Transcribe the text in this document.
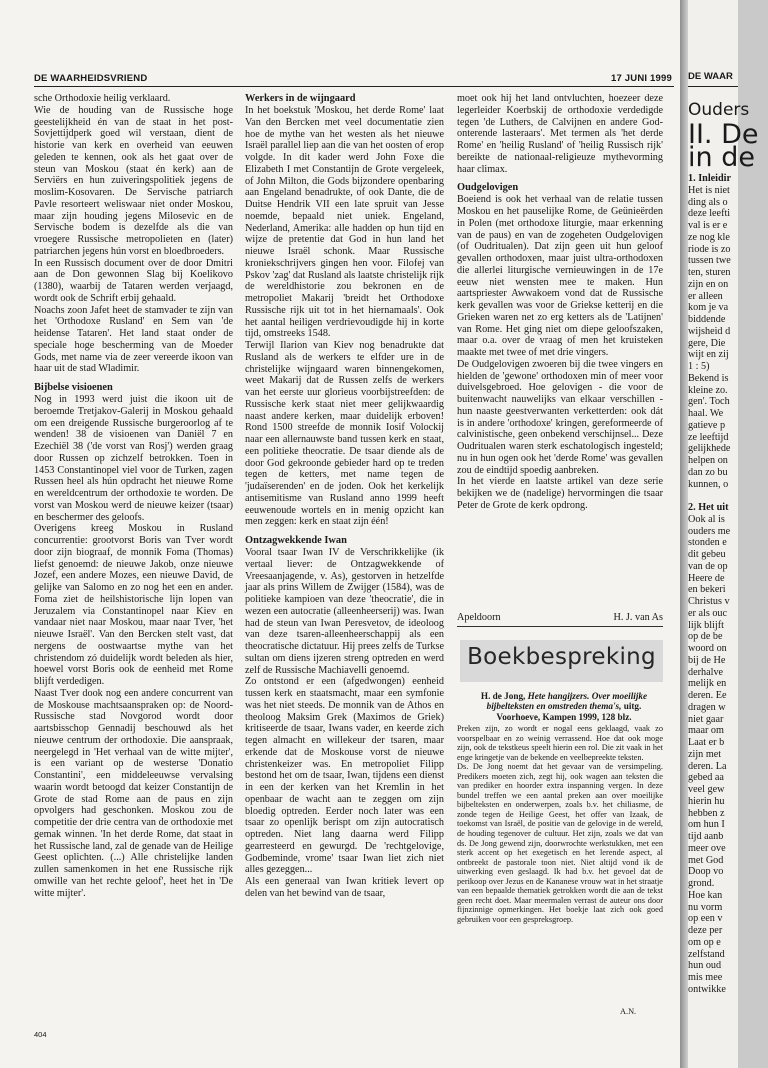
DE WAARHEIDSVRIEND	17 JUNI 1999

sche Orthodoxie heilig verklaard.

Wie de houding van de Russische hoge geestelijkheid én van de staat in het post-Sovjettijdperk goed wil verstaan, dient de historie van kerk en overheid van eeuwen geleden te kennen, ook als het gaat over de steun van Moskou (staat én kerk) aan de Serviërs en hun zuiveringspolitiek jegens de moslim-Kosovaren. De Servische patriarch Pavle resorteert weliswaar niet onder Moskou, maar zijn houding jegens Milosevic en de Servische bodem is dezelfde als die van vroegere Russische metropolieten en (later) patriarchen jegens hún vorst en bloedbroeders.

In een Russisch document over de door Dmitri aan de Don gewonnen Slag bij Koelikovo (1380), waarbij de Tataren werden verjaagd, wordt ook de Schrift erbij gehaald.

Noachs zoon Jafet heet de stamvader te zijn van het 'Orthodoxe Rusland' en Sem van 'de heidense Tataren'. Het land staat onder de speciale hoge bescherming van de Moeder Gods, met name via de zeer vereerde ikoon van haar uit de stad Wladimir.

Bijbelse visioenen

Nog in 1993 werd juist die ikoon uit de beroemde Tretjakov-Galerij in Moskou gehaald om een dreigende Russische burgeroorlog af te wenden! 38 de visioenen van Daniël 7 en Ezechiël 38 ('de vorst van Rosj') werden graag door Russen op zichzelf betrokken. Toen in 1453 Constantinopel viel voor de Turken, zagen Russen heel als hún opdracht het nieuwe Rome en wereldcentrum der orthodoxie te worden. De vorst van Moskou werd de nieuwe keizer (tsaar) en beschermer des geloofs.

Overigens kreeg Moskou in Rusland concurrentie: grootvorst Boris van Tver wordt door zijn biograaf, de monnik Foma (Thomas) liefst genoemd: de nieuwe Jakob, onze nieuwe Jozef, een andere Mozes, een nieuwe David, de gelijke van Salomo en zo nog het een en ander. Foma ziet de heilshistorische lijn lopen van Jeruzalem via Constantinopel naar Kiev en vandaar niet naar Moskou, maar naar Tver, 'het nieuwe Israël'. Van den Bercken stelt vast, dat nergens de oostwaartse mythe van het christendom zó duidelijk wordt beleden als hier, hoewel vorst Boris ook de eenheid met Rome blijft verdedigen.

Naast Tver dook nog een andere concurrent van de Moskouse machtsaanspraken op: de Noord-Russische stad Novgorod wordt door aartsbisschop Gennadij beschouwd als het nieuwe centrum der orthodoxie. Die aanspraak, neergelegd in 'Het verhaal van de witte mijter', is een variant op de westerse 'Donatio Constantini', een middeleeuwse vervalsing waarin wordt betoogd dat keizer Constantijn de Grote de stad Rome aan de paus en zijn opvolgers had geschonken. Moskou zou de competitie der drie centra van de orthodoxie met gemak winnen. 'In het derde Rome, dat staat in het Russische land, zal de genade van de Heilige Geest oplichten. (...) Alle christelijke landen zullen samenkomen in het ene Russische rijk omwille van het rechte geloof', heet het in 'De witte mijter'.

Werkers in de wijngaard

In het boekstuk 'Moskou, het derde Rome' laat Van den Bercken met veel documentatie zien hoe de mythe van het westen als het nieuwe Israël parallel liep aan die van het oosten of erop volgde. In dit kader werd John Foxe die Elizabeth I met Constantijn de Grote vergeleek, of John Milton, die Gods bijzondere openbaring aan Engeland benadrukte, of ook Dante, die de Duitse Hendrik VII een late spruit van Jesse noemde, bepaald niet uniek. Engeland, Nederland, Amerika: alle hadden op hun tijd en wijze de pretentie dat God in hun land het nieuwe Israël schonk. Maar Russische kroniekschrijvers gingen hen voor. Filofej van Pskov 'zag' dat Rusland als laatste christelijk rijk de wereldhistorie zou bekronen en de metropoliet Makarij 'breidt het Orthodoxe Russische rijk uit tot in het hiernamaals'. Ook het aantal heiligen verdrievoudigde hij in korte tijd, omstreeks 1548.

Terwijl Ilarion van Kiev nog benadrukte dat Rusland als de werkers te elfder ure in de christelijke wijngaard waren binnengekomen, weet Makarij dat de Russen zelfs de werkers van het eerste uur glorieus voorbijstreefden: de Russische kerk staat niet meer gelijkwaardig naast andere kerken, maar duidelijk erboven! Rond 1500 streefde de monnik Iosif Volockij naar een allernauwste band tussen kerk en staat, een politieke theocratie. De tsaar diende als de door God gekroonde gebieder hard op te treden tegen de ketters, met name tegen de 'judaïserenden' en de joden. Ook het kerkelijk antisemitisme van Rusland anno 1999 heeft eeuwenoude wortels en in menig opzicht kan men zeggen: kerk en staat zijn één!

Ontzagwekkende Iwan

Vooral tsaar Iwan IV de Verschrikkelijke (ik vertaal liever: de Ontzagwekkende of Vreesaanjagende, v. As), gestorven in hetzelfde jaar als prins Willem de Zwijger (1584), was de politieke kampioen van deze 'theocratie', die in wezen een autocratie (alleenheerserij) was. Iwan had de steun van Iwan Peresvetov, de ideoloog van deze tsaren-alleenheerschappij als een theocratische dictatuur. Hij prees zelfs de Turkse sultan om diens ijzeren streng optreden en werd zelf de Russische Machiavelli genoemd.

Zo ontstond er een (afgedwongen) eenheid tussen kerk en staatsmacht, maar een symfonie was het niet steeds. De monnik van de Athos en theoloog Maksim Grek (Maximos de Griek) kritiseerde de tsaar, Iwans vader, en keerde zich tegen almacht en willekeur der tsaren, maar erkende dat de Moskouse vorst de nieuwe christenkeizer was. En metropoliet Filipp bestond het om de tsaar, Iwan, tijdens een dienst in een der kerken van het Kremlin in het openbaar de wacht aan te zeggen om zijn bloedig optreden. Eerder noch later was een tsaar zo openlijk berispt om zijn autocratisch optreden. Niet lang daarna werd Filipp gearresteerd en gewurgd. De 'rechtgelovige, Godbeminde, vrome' tsaar Iwan liet zich niet alles gezeggen...

Als een generaal van Iwan kritiek levert op delen van het bewind van de tsaar,

moet ook hij het land ontvluchten, hoezeer deze legerleider Koerbskij de orthodoxie verdedigde tegen 'de Luthers, de Calvijnen en andere God-onterende lasteraars'. Met termen als 'het derde Rome' en 'heilig Rusland' of 'heilig Russisch rijk' bereikte de nationaal-religieuze mythevorming haar climax.

Oudgelovigen

Boeiend is ook het verhaal van de relatie tussen Moskou en het pauselijke Rome, de Geünieërden in Polen (met orthodoxe liturgie, maar erkenning van de paus) en van de zogeheten Oudgelovigen (of Oudritualen). Dat zijn geen uit hun geloof gevallen orthodoxen, maar juist ultra-orthodoxen die allerlei liturgische vernieuwingen in de 17e eeuw niet wensten mee te maken. Hun aartspriester Awwakoem vond dat de Russische kerk gevallen was voor de Griekse ketterij en die Grieken waren net zo erg ketters als de 'Latijnen' van Rome. Het ging niet om diepe geloofszaken, maar o.a. over de vraag of men het kruisteken maakte met twee of met drie vingers.

De Oudgelovigen zwoeren bij die twee vingers en hielden de 'gewone' orthodoxen min of meer voor duivelsgebroed. Hoe gelovigen - die voor de buitenwacht nauwelijks van elkaar verschillen - hun naaste geestverwanten verketterden: ook dát is in andere 'orthodoxe' kringen, gereformeerde of calvinistische, geen onbekend verschijnsel... Deze Oudritualen waren sterk eschatologisch ingesteld; nu in hun ogen ook het 'derde Rome' was gevallen zou de eindtijd spoedig aanbreken.

In het vierde en laatste artikel van deze serie bekijken we de (nadelige) hervormingen die tsaar Peter de Grote de kerk opdrong.

Apeldoorn	H. J. van As
Boekbespreking
H. de Jong, Hete hangijzers. Over moeilijke bijbelteksten en omstreden thema's, uitg. Voorhoeve, Kampen 1999, 128 blz.

Preken zijn, zo wordt er nogal eens geklaagd, vaak zo voorspelbaar en zo weinig verrassend. Hoe dat ook moge zijn, ook de tekstkeus speelt hierin een rol. Die zit vaak in het enge kringetje van de bekende en veelbepreekte teksten.

Ds. De Jong noemt dat het gevaar van de versimpeling. Predikers moeten zich, zegt hij, ook wagen aan teksten die van prediker en hoorder extra inspanning vergen. In deze bundel treffen we een aantal preken aan over moeilijke bijbelteksten en onderwerpen, zoals b.v. het chiliasme, de zonde tegen de Heilige Geest, het offer van Izaak, de toekomst van Israël, de positie van de gelovige in de wereld, de houding tegenover de cultuur. Het zijn, zoals we dat van ds. De Jong gewend zijn, doorwrochte werkstukken, met een sterk accent op het exegetisch en het lerende aspect, al ontbreekt de pastorale toon niet. Niet altijd vond ik de uitwerking even geslaagd. Ik had b.v. het gevoel dat de perikoop over Jezus en de Kananese vrouw wat in het straatje van een bepaalde thematiek getrokken wordt die aan de tekst geen recht doet. Maar meermalen verrast de auteur ons door fijnzinnige opmerkingen. Het boekje laat zich ook goed gebruiken voor een gespreksgroep.

A.N.
404
DE WAAR
Ouders
II. De
in de
1. Inleidir
Het is niet
ding als o
deze leefti
val is er e
ze nog kle
riode is zo
tussen twe
ten, sturen
zijn en on
er alleen
kom je va
biddende
wijsheid d
gere, Die
wijt en zij
1 : 5)
Bekend is
kleine zo.
gen'. Toch
haal. We
gatieve p
ze leeftijd
gelijkhede
helpen on
dan zo bu
kunnen, o
2. Het uit
Ook al is
ouders me
stonden e
dit gebeu
van de op
Heere de
en bekeri
Christus v
er als ouc
lijk blijft
op de be
woord on
bij de He
derhalve
melijk en
deren. Ee
dragen w
niet gaar
maar om
Laat er b
zijn met
deren. La
gebed aa
veel gew
hierin hu
hebben z
om hun I
tijd aanb
meer ove
met God
Doop vo
grond.
Hoe kan
nu vorm
op een v
deze per
om op e
zelfstand
hun oud
mis mee
ontwikke
